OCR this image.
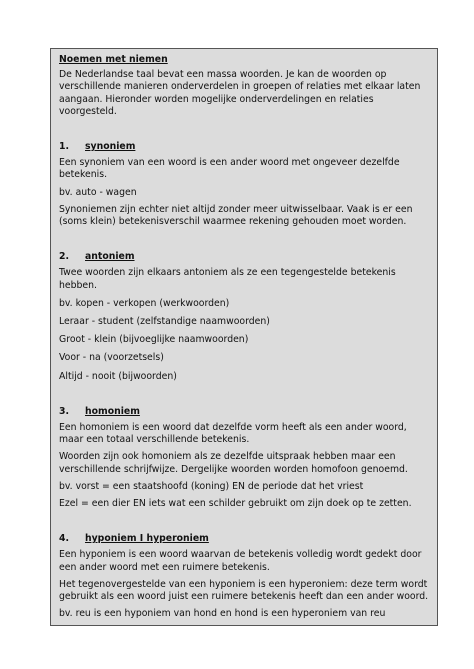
Noemen met niemen

De Nederlandse taal bevat een massa woorden. Je kan de woorden op verschillende manieren onderverdelen in groepen of relaties met elkaar laten aangaan. Hieronder worden mogelijke onderverdelingen en relaties voorgesteld.

1. synoniem

Een synoniem van een woord is een ander woord met ongeveer dezelfde betekenis.

bv. auto - wagen

Synoniemen zijn echter niet altijd zonder meer uitwisselbaar. Vaak is er een (soms klein) betekenisverschil waarmee rekening gehouden moet worden.

2. antoniem

Twee woorden zijn elkaars antoniem als ze een tegengestelde betekenis hebben.

bv. kopen - verkopen (werkwoorden)

Leraar - student (zelfstandige naamwoorden)

Groot - klein (bijvoeglijke naamwoorden)

Voor - na (voorzetsels)

Altijd - nooit (bijwoorden)

3. homoniem

Een homoniem is een woord dat dezelfde vorm heeft als een ander woord, maar een totaal verschillende betekenis.

Woorden zijn ook homoniem als ze dezelfde uitspraak hebben maar een verschillende schrijfwijze. Dergelijke woorden worden homofoon genoemd.

bv. vorst = een staatshoofd (koning) EN de periode dat het vriest

Ezel = een dier EN iets wat een schilder gebruikt om zijn doek op te zetten.

4. hyponiem I hyperoniem

Een hyponiem is een woord waarvan de betekenis volledig wordt gedekt door een ander woord met een ruimere betekenis.

Het tegenovergestelde van een hyponiem is een hyperoniem: deze term wordt gebruikt als een woord juist een ruimere betekenis heeft dan een ander woord.

bv. reu is een hyponiem van hond en hond is een hyperoniem van reu
